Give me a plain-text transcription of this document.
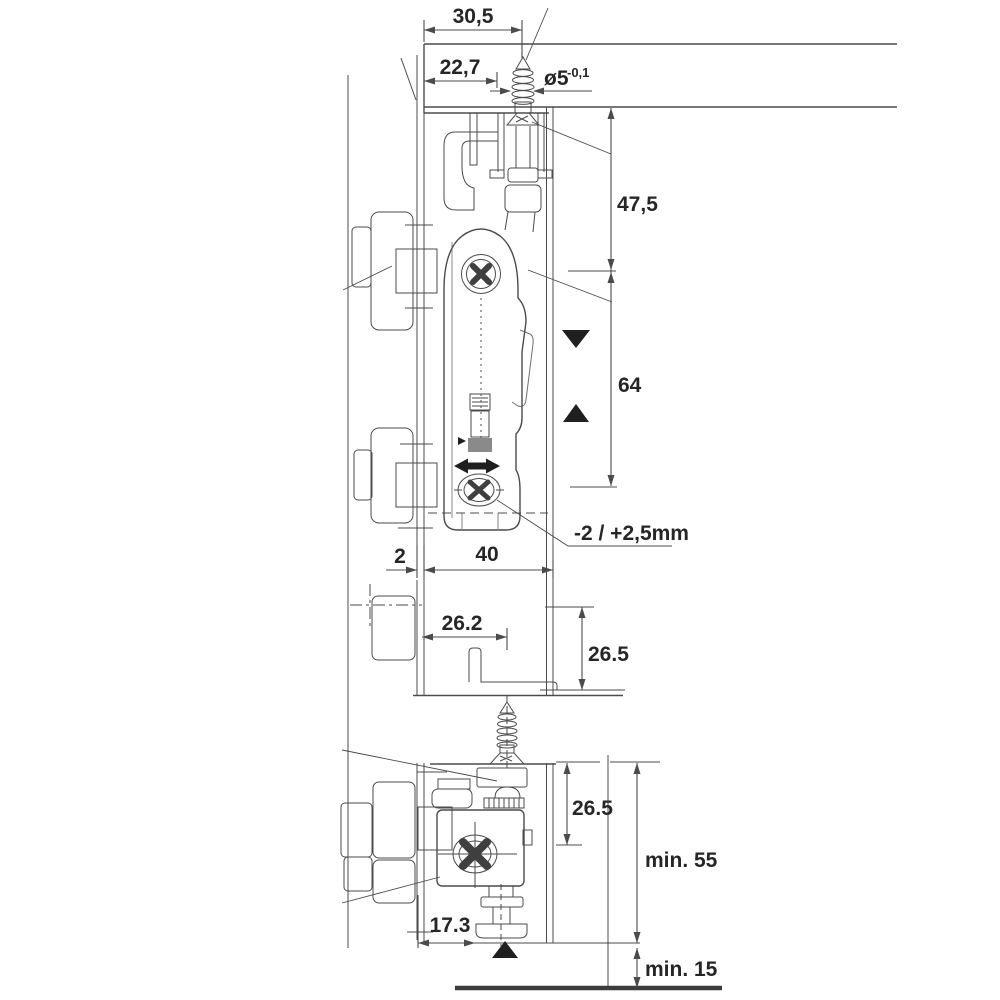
30,5
22,7	ø5
-0,1
47,5
64
-2 / +2,5mm
2	40
26.2
26.5
26.5
min. 55
min. 15
17.3
